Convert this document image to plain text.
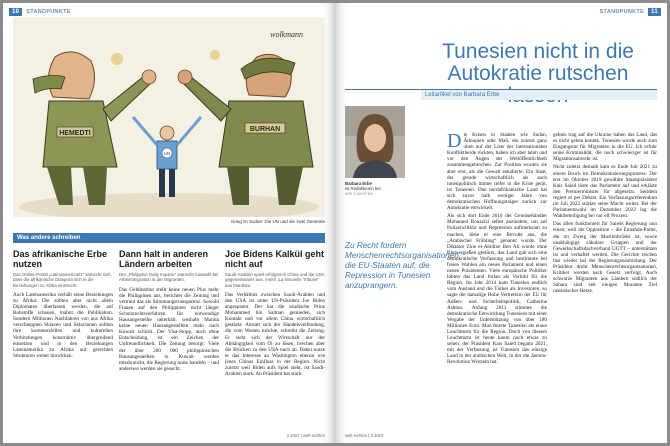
10	STANDPUNKTE
HEMEDTI
BURHAN
UN
wolkmann
Krieg im Sudan: Die UN und die zwei Generäle
Was andere schreiben
Das afrikanische Erbe nutzen
Das Online-Portal „Latinoamerica21“ wünscht sich, dass die afrikanische Diaspora sich in die Beziehungen zu Afrika einmischt.

Auch Lateinamerika verhält seine Beziehungen zu Afrika: Die sollten aber nicht allein Diplomaten überlassen werden, die auf Rohstoffe schauen, mahnt die Publikation. Sondern Millionen Nachfahren von aus Afrika verschleppten Sklaven und Sklavinnen sollten ihre kommerziellen und kulturellen Verbindungen konstruktiv übergreifend einsetzen und in den Beziehungen Lateinamerika zu Afrika auf gerechten Strukturen weiter hinwirken.

Dann halt in anderen Ländern arbeiten
Der „Philippine Daily Inquirer“ wünscht Auswahl bei Arbeitsmigration in der Migranten.

Das Geldinstitut stellt keine neuen Plus mehr die Philippinen aus, berichtet die Zeitung und vertraut das als Stimmungstransparenz. Sowohl Frauen auf den Philippinen nicht länger Schutzrechtsverfahren für notwendige Hausangestellte unterhält. weshalb Manila keine neuen Hausangestellten mehr nach Kuwait schickt. Der Visa-Stopp, auch ohne Entscheidung, ist ein Zeichen der Unfreundlichkeit. Die Zeitung besorgt: Viele der über 200 000 philippinischen Hausangestellten in Kuwait werden missbraucht, die Regierung muss handeln – und anderswo werden sie gesucht.

Joe Bidens Kalkül geht nicht auf
Saudi-Arabien spielt erfolgreich China und die USA gegeneinander aus, meint „La Nouvelle Tribune“ aus Marokko.

Das Verhältnis zwischen Saudi-Arabien und den USA ist unter US-Präsident Joe Biden angespannt. Der hat die saudische Prinz Mohammed bin Salman gemieden, sich Kontakt und vor allem China wirtschaftlich gestärkt. Anstatt sich der Handelsverbindung, die vom Westen möchte, schreibt die Zeitung. Er sieht sich der Wirtschaft nur der Abhängigkeit vom Öl zu lösen, brechen aber die Brücken zu den USA nach ab. Dabei nutze er das Interesse an Washington ebenso wie jenes Chinas Einfluss in der Region. Nicht zuletzt weil Biden aufs Spiel steht, ist Saudi-Arabien stark. An Präsident hat stark.

3 2023 | welt-sichten
STANDPUNKTE	11
Tunesien nicht in die
Autokratie rutschen
Leitartikel von Barbara Erbe
Barbara Erbe
ist Redakteurin bei
WELT-SICHTEN
Zu Recht fordern Menschenrechtsorganisationen die EU-Staaten auf, die Repression in Tunesien anzuprangern.

Die Krisen in Staaten wie Sudan, Äthiopien oder Mali, die zuletzt ganz oben auf der Liste der internationalen Konfliktherde rückten, haben ich aber lahm und vor den Augen der Weltöffentlichkeit zusammengebrochen. Zur Position wurden sie aber erst, als die Gewalt eskalierte. Ein Staat, der gerade wirtschaftlich als auch innenpolitisch immer tiefer in die Krise gerät, ist Tunesien. Das nordafrikanische Land hat sich zuvor halb weniger Jahre von demokratischen Hoffnungsträger zurück zur Autokratie entwickelt.

Als sich dort Ende 2010 der Gemüsehändler Mohamed Bouazizi selbst anzündete, um auf Polizeiwillkür und Repression aufmerksam zu machen, löste er eine Revolte aus, die „Arabischer Frühling“ genannt wurde. Der Diktator Zine el-Abidine Ben Ali wurde ohne Blutvergießen gestürzt, das Land gab sich eine demokratische Verfassung und bestimmte bei freien Wahlen ein neues Parlament und einen neuen Präsidenten. Viele europäische Politiker lobten das Land fortan als Vorbild für die Region. Im Jahr 2014 kam Tunesien endlich vom Ausland und die Türkei als Investoren, so sagte die damalige Hohe Vertreterin der EU für Außen- und Sicherheitspolitik, Catherine Ashton. Anfang 2011 stimmte die demokratische Entwicklung Tunesiens mit einer Vergabe der Unterstützung von über 180 Millionen Euro. Man feierte Tunesien als einen Leuchtturm für die Region. Doch von diesem Leuchtturm ist heute kaum noch etwas zu sehen, der Präsident Kais Saied begann 2021, mit der Verfassung ist Tunesien das einzige Land in der arabischen Welt, in der die Jasmin-Revolution Wurzeln hat.

gebnis trag auf die Ukraine haben das Land, das es nicht geben konnte, Tunesien wurde auch zum Eingangstor für Migranten in die EU. Ich erfuhr seine Kriminalität, die noch schwieriger ist für Migrationsabwehr ist.

Nicht zuletzt deshalb kam es Ende Juli 2021 zu einem Bruch im Demokratisierungsprozess: Der erst im Oktober 2019 gewählte Staatspräsident Kais Saied löste das Parlament auf und erklärte den Premierminister für abgesetzt. Seitdem regiert er per Dekret. Ein Verfassungsreferendum im Juli 2022 stärkte seine Macht weiter. Bei der Parlamentswahl im Dezember 2022 lag die Wahlbeteiligung bei nur elf Prozent.

Das allen funktioniert für Saieds Regierung nun einen, weil die Opposition – die Ennahda-Partei, die im Zweig der Muslimbrüder ist, sowie unabhängige säkulare Gruppen und der Gewerkschaftsdachverband UGTT – unterstützen ist und verhaftet werden. Die Gerichte reichen fast wieder bei der Regierungsneubildung. Der Präsident droht Menschenrechtsorganisationen, Kritiker werden nach Gesetz verfolgt. Auch schwarze Migranten aus Ländern südlich der Sahara sind seit einigen Monaten Ziel rassistischer Hetze.

welt-sichten | 3 2023
